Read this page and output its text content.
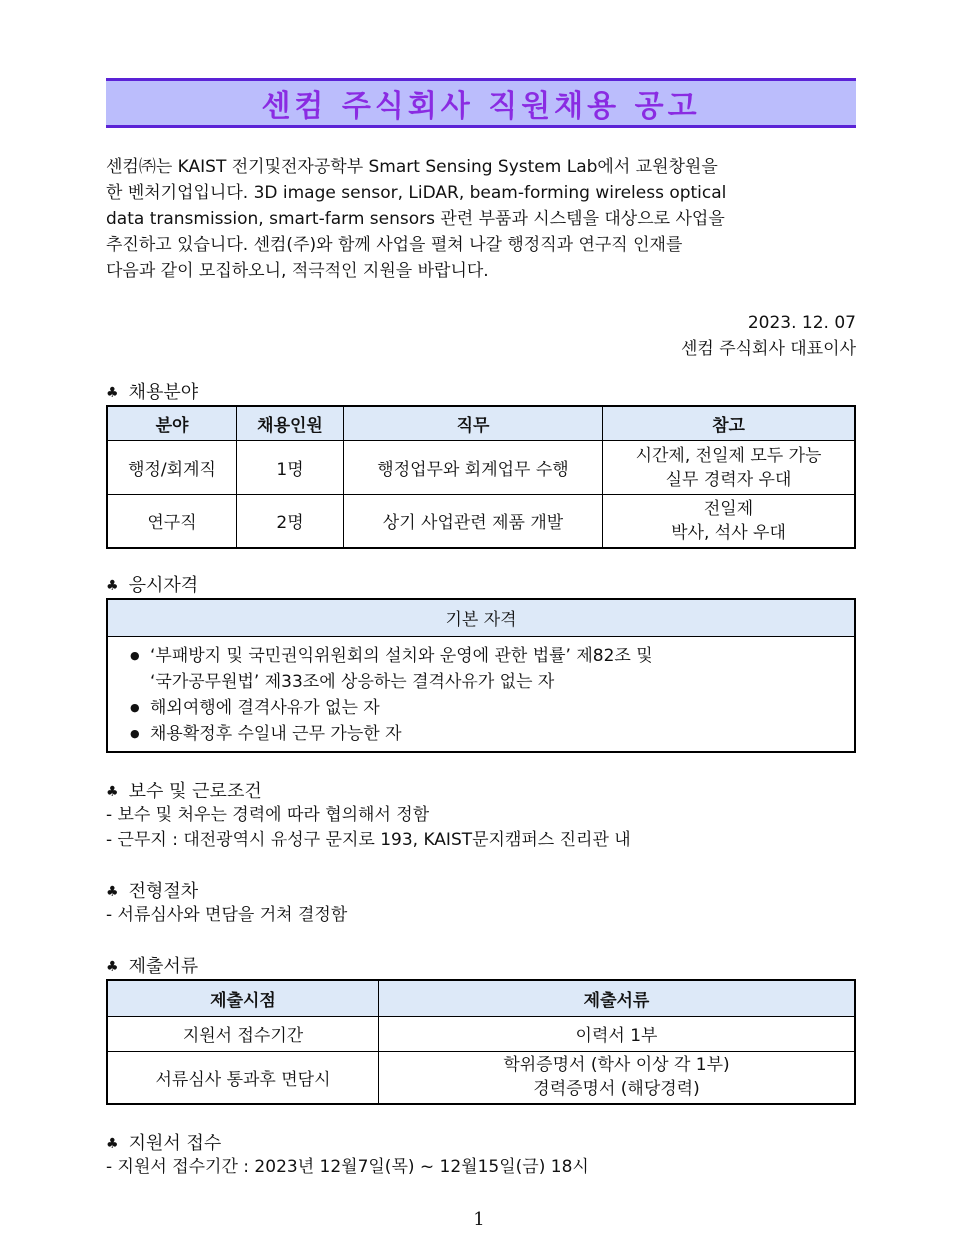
센컴 주식회사 직원채용 공고

센컴㈜는 KAIST 전기및전자공학부 Smart Sensing System Lab에서 교원창원을

한 벤처기업입니다. 3D image sensor, LiDAR, beam-forming wireless optical

data transmission, smart-farm sensors 관련 부품과 시스템을 대상으로 사업을

추진하고 있습니다. 센컴(주)와 함께 사업을 펼쳐 나갈 행정직과 연구직 인재를

다음과 같이 모집하오니, 적극적인 지원을 바랍니다.

2023. 12. 07
센컴 주식회사 대표이사
♣ 채용분야
분야	채용인원	직무	참고
행정/회계직	1명	행정업무와 회계업무 수행	시간제, 전일제 모두 가능
실무 경력자 우대

연구직	2명	상기 사업관련 제품 개발	전일제
박사, 석사 우대
♣ 응시자격
기본 자격

● ‘부패방지 및 국민권익위원회의 설치와 운영에 관한 법률’ 제82조 및
‘국가공무원법’ 제33조에 상응하는 결격사유가 없는 자
● 해외여행에 결격사유가 없는 자
● 채용확정후 수일내 근무 가능한 자
♣ 보수 및 근로조건
- 보수 및 처우는 경력에 따라 협의해서 정함
- 근무지 : 대전광역시 유성구 문지로 193, KAIST문지캠퍼스 진리관 내
♣ 전형절차
- 서류심사와 면담을 거쳐 결정함
♣ 제출서류
제출시점	제출서류
지원서 접수기간	이력서 1부
서류심사 통과후 면담시	학위증명서 (학사 이상 각 1부)
경력증명서 (해당경력)
♣ 지원서 접수
- 지원서 접수기간 : 2023년 12월7일(목) ~ 12월15일(금) 18시
1
